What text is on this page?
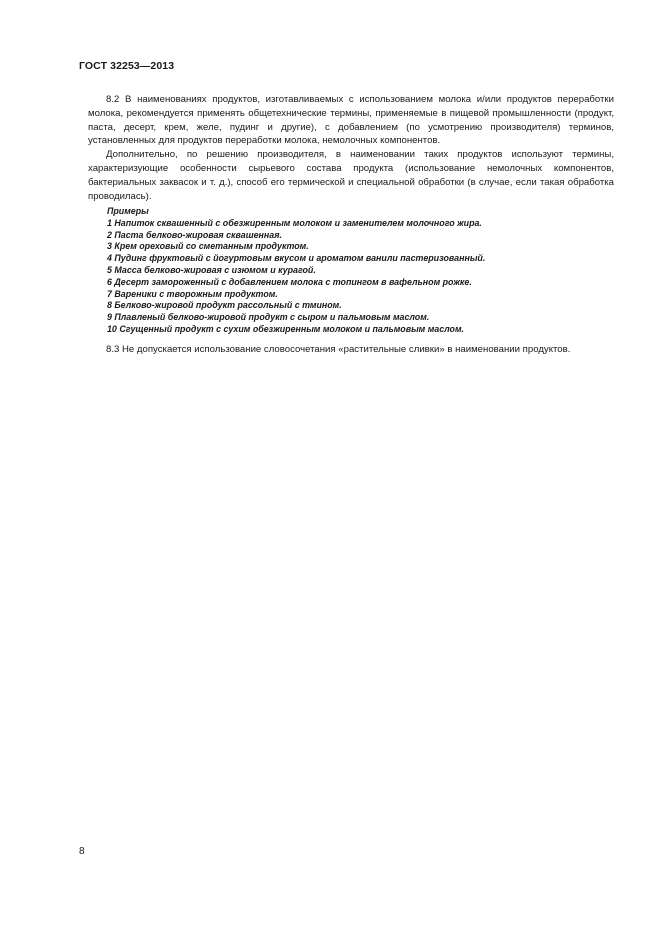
ГОСТ 32253—2013

8.2 В наименованиях продуктов, изготавливаемых с использованием молока и/или продуктов переработки молока, рекомендуется применять общетехнические термины, применяемые в пищевой промышленности (продукт, паста, десерт, крем, желе, пудинг и другие), с добавлением (по усмотрению производителя) терминов, установленных для продуктов переработки молока, немолочных компонентов.

Дополнительно, по решению производителя, в наименовании таких продуктов используют термины, характеризующие особенности сырьевого состава продукта (использование немолочных компонентов, бактериальных заквасок и т. д.), способ его термической и специальной обработки (в случае, если такая обработка проводилась).

Примеры

1 Напиток сквашенный с обезжиренным молоком и заменителем молочного жира.
2 Паста белково-жировая сквашенная.
3 Крем ореховый со сметанным продуктом.
4 Пудинг фруктовый с йогуртовым вкусом и ароматом ванили пастеризованный.
5 Масса белково-жировая с изюмом и курагой.
6 Десерт замороженный с добавлением молока с топингом в вафельном рожке.
7 Вареники с творожным продуктом.
8 Белково-жировой продукт рассольный с тмином.
9 Плавленый белково-жировой продукт с сыром и пальмовым маслом.
10 Сгущенный продукт с сухим обезжиренным молоком и пальмовым маслом.

8.3 Не допускается использование словосочетания «растительные сливки» в наименовании продуктов.

8
